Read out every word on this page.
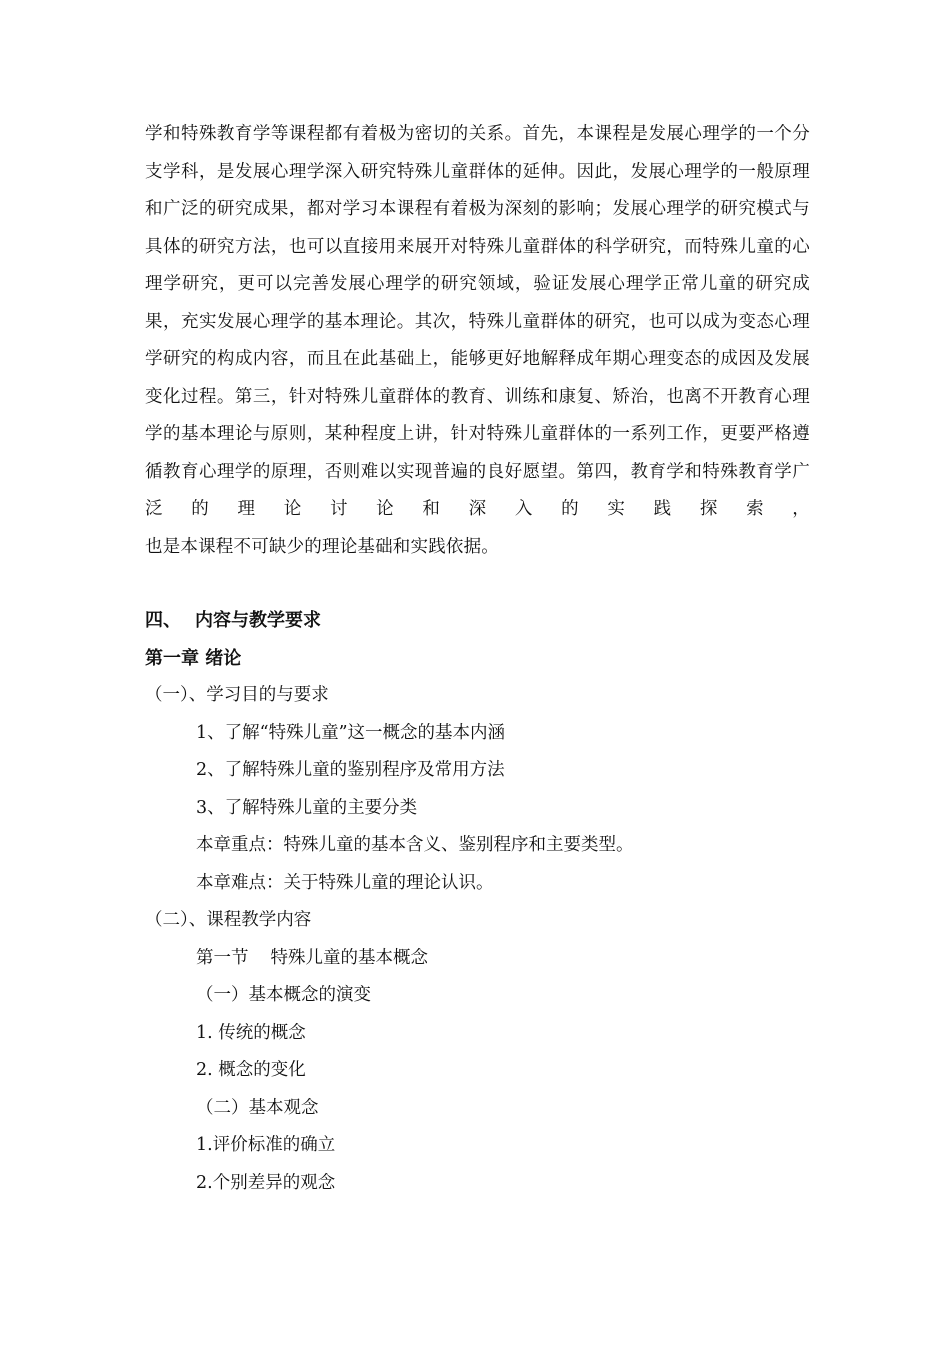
学和特殊教育学等课程都有着极为密切的关系。首先，本课程是发展心理学的一个分支学科，是发展心理学深入研究特殊儿童群体的延伸。因此，发展心理学的一般原理和广泛的研究成果，都对学习本课程有着极为深刻的影响；发展心理学的研究模式与具体的研究方法，也可以直接用来展开对特殊儿童群体的科学研究，而特殊儿童的心理学研究，更可以完善发展心理学的研究领域，验证发展心理学正常儿童的研究成果，充实发展心理学的基本理论。其次，特殊儿童群体的研究，也可以成为变态心理学研究的构成内容，而且在此基础上，能够更好地解释成年期心理变态的成因及发展变化过程。第三，针对特殊儿童群体的教育、训练和康复、矫治，也离不开教育心理学的基本理论与原则，某种程度上讲，针对特殊儿童群体的一系列工作，更要严格遵循教育心理学的原理，否则难以实现普遍的良好愿望。第四，教育学和特殊教育学广泛的理论讨论和深入的实践探索，
也是本课程不可缺少的理论基础和实践依据。

四、 内容与教学要求
第一章 绪论

（一）、学习目的与要求

1、了解“特殊儿童”这一概念的基本内涵

2、了解特殊儿童的鉴别程序及常用方法

3、了解特殊儿童的主要分类

本章重点：特殊儿童的基本含义、鉴别程序和主要类型。

本章难点：关于特殊儿童的理论认识。

（二）、课程教学内容

第一节 特殊儿童的基本概念

（一）基本概念的演变

1. 传统的概念

2. 概念的变化

（二）基本观念

1.评价标准的确立

2.个别差异的观念
